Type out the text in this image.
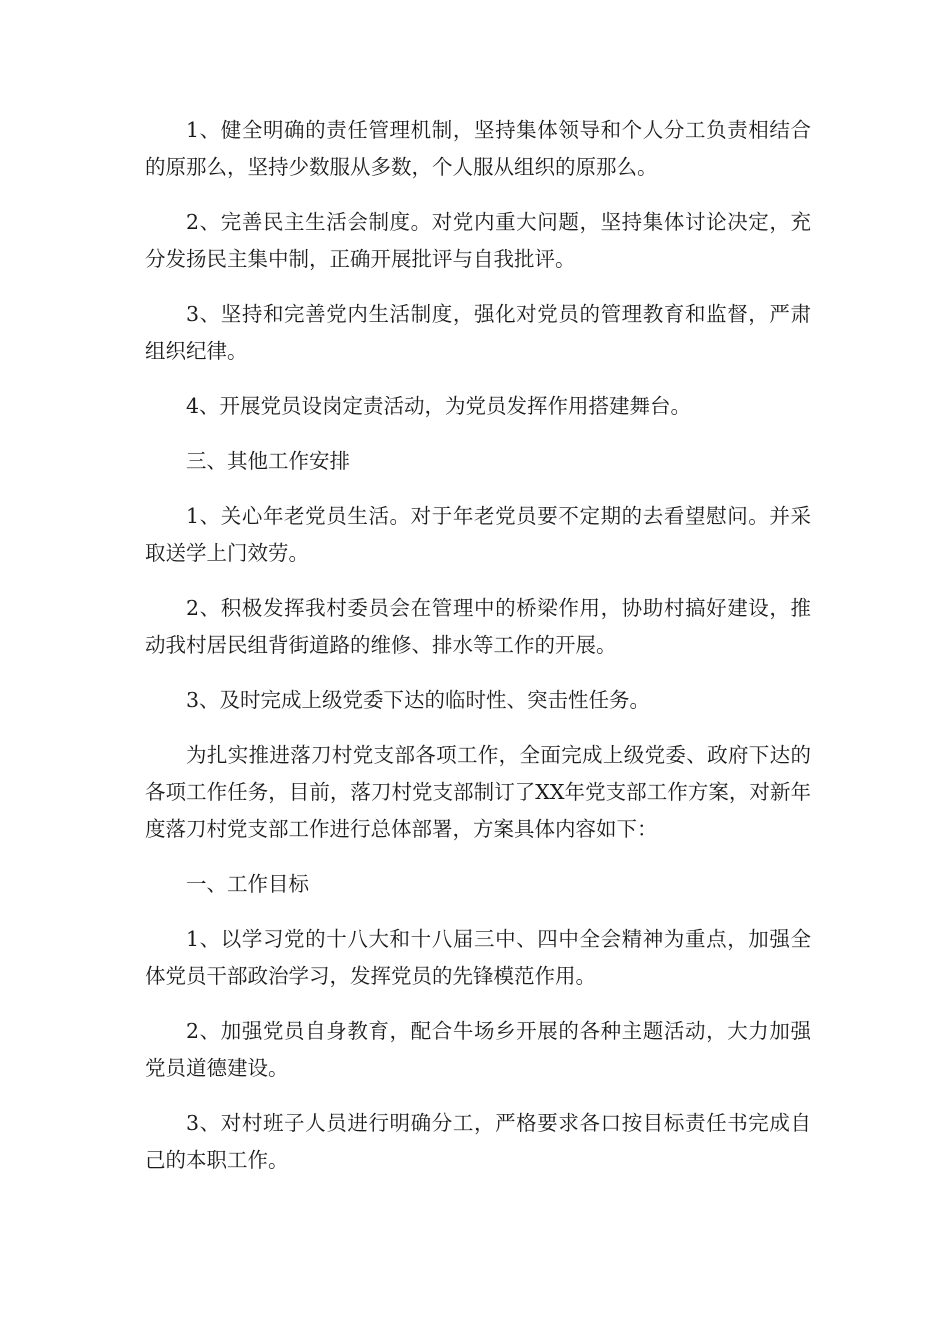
1、健全明确的责任管理机制，坚持集体领导和个人分工负责相结合的原那么，坚持少数服从多数，个人服从组织的原那么。

2、完善民主生活会制度。对党内重大问题，坚持集体讨论决定，充分发扬民主集中制，正确开展批评与自我批评。

3、坚持和完善党内生活制度，强化对党员的管理教育和监督，严肃组织纪律。

4、开展党员设岗定责活动，为党员发挥作用搭建舞台。

三、其他工作安排

1、关心年老党员生活。对于年老党员要不定期的去看望慰问。并采取送学上门效劳。

2、积极发挥我村委员会在管理中的桥梁作用，协助村搞好建设，推动我村居民组背街道路的维修、排水等工作的开展。

3、及时完成上级党委下达的临时性、突击性任务。

为扎实推进落刀村党支部各项工作，全面完成上级党委、政府下达的各项工作任务，目前，落刀村党支部制订了XX年党支部工作方案，对新年度落刀村党支部工作进行总体部署，方案具体内容如下：

一、工作目标

1、以学习党的十八大和十八届三中、四中全会精神为重点，加强全体党员干部政治学习，发挥党员的先锋模范作用。

2、加强党员自身教育，配合牛场乡开展的各种主题活动，大力加强党员道德建设。

3、对村班子人员进行明确分工，严格要求各口按目标责任书完成自己的本职工作。
